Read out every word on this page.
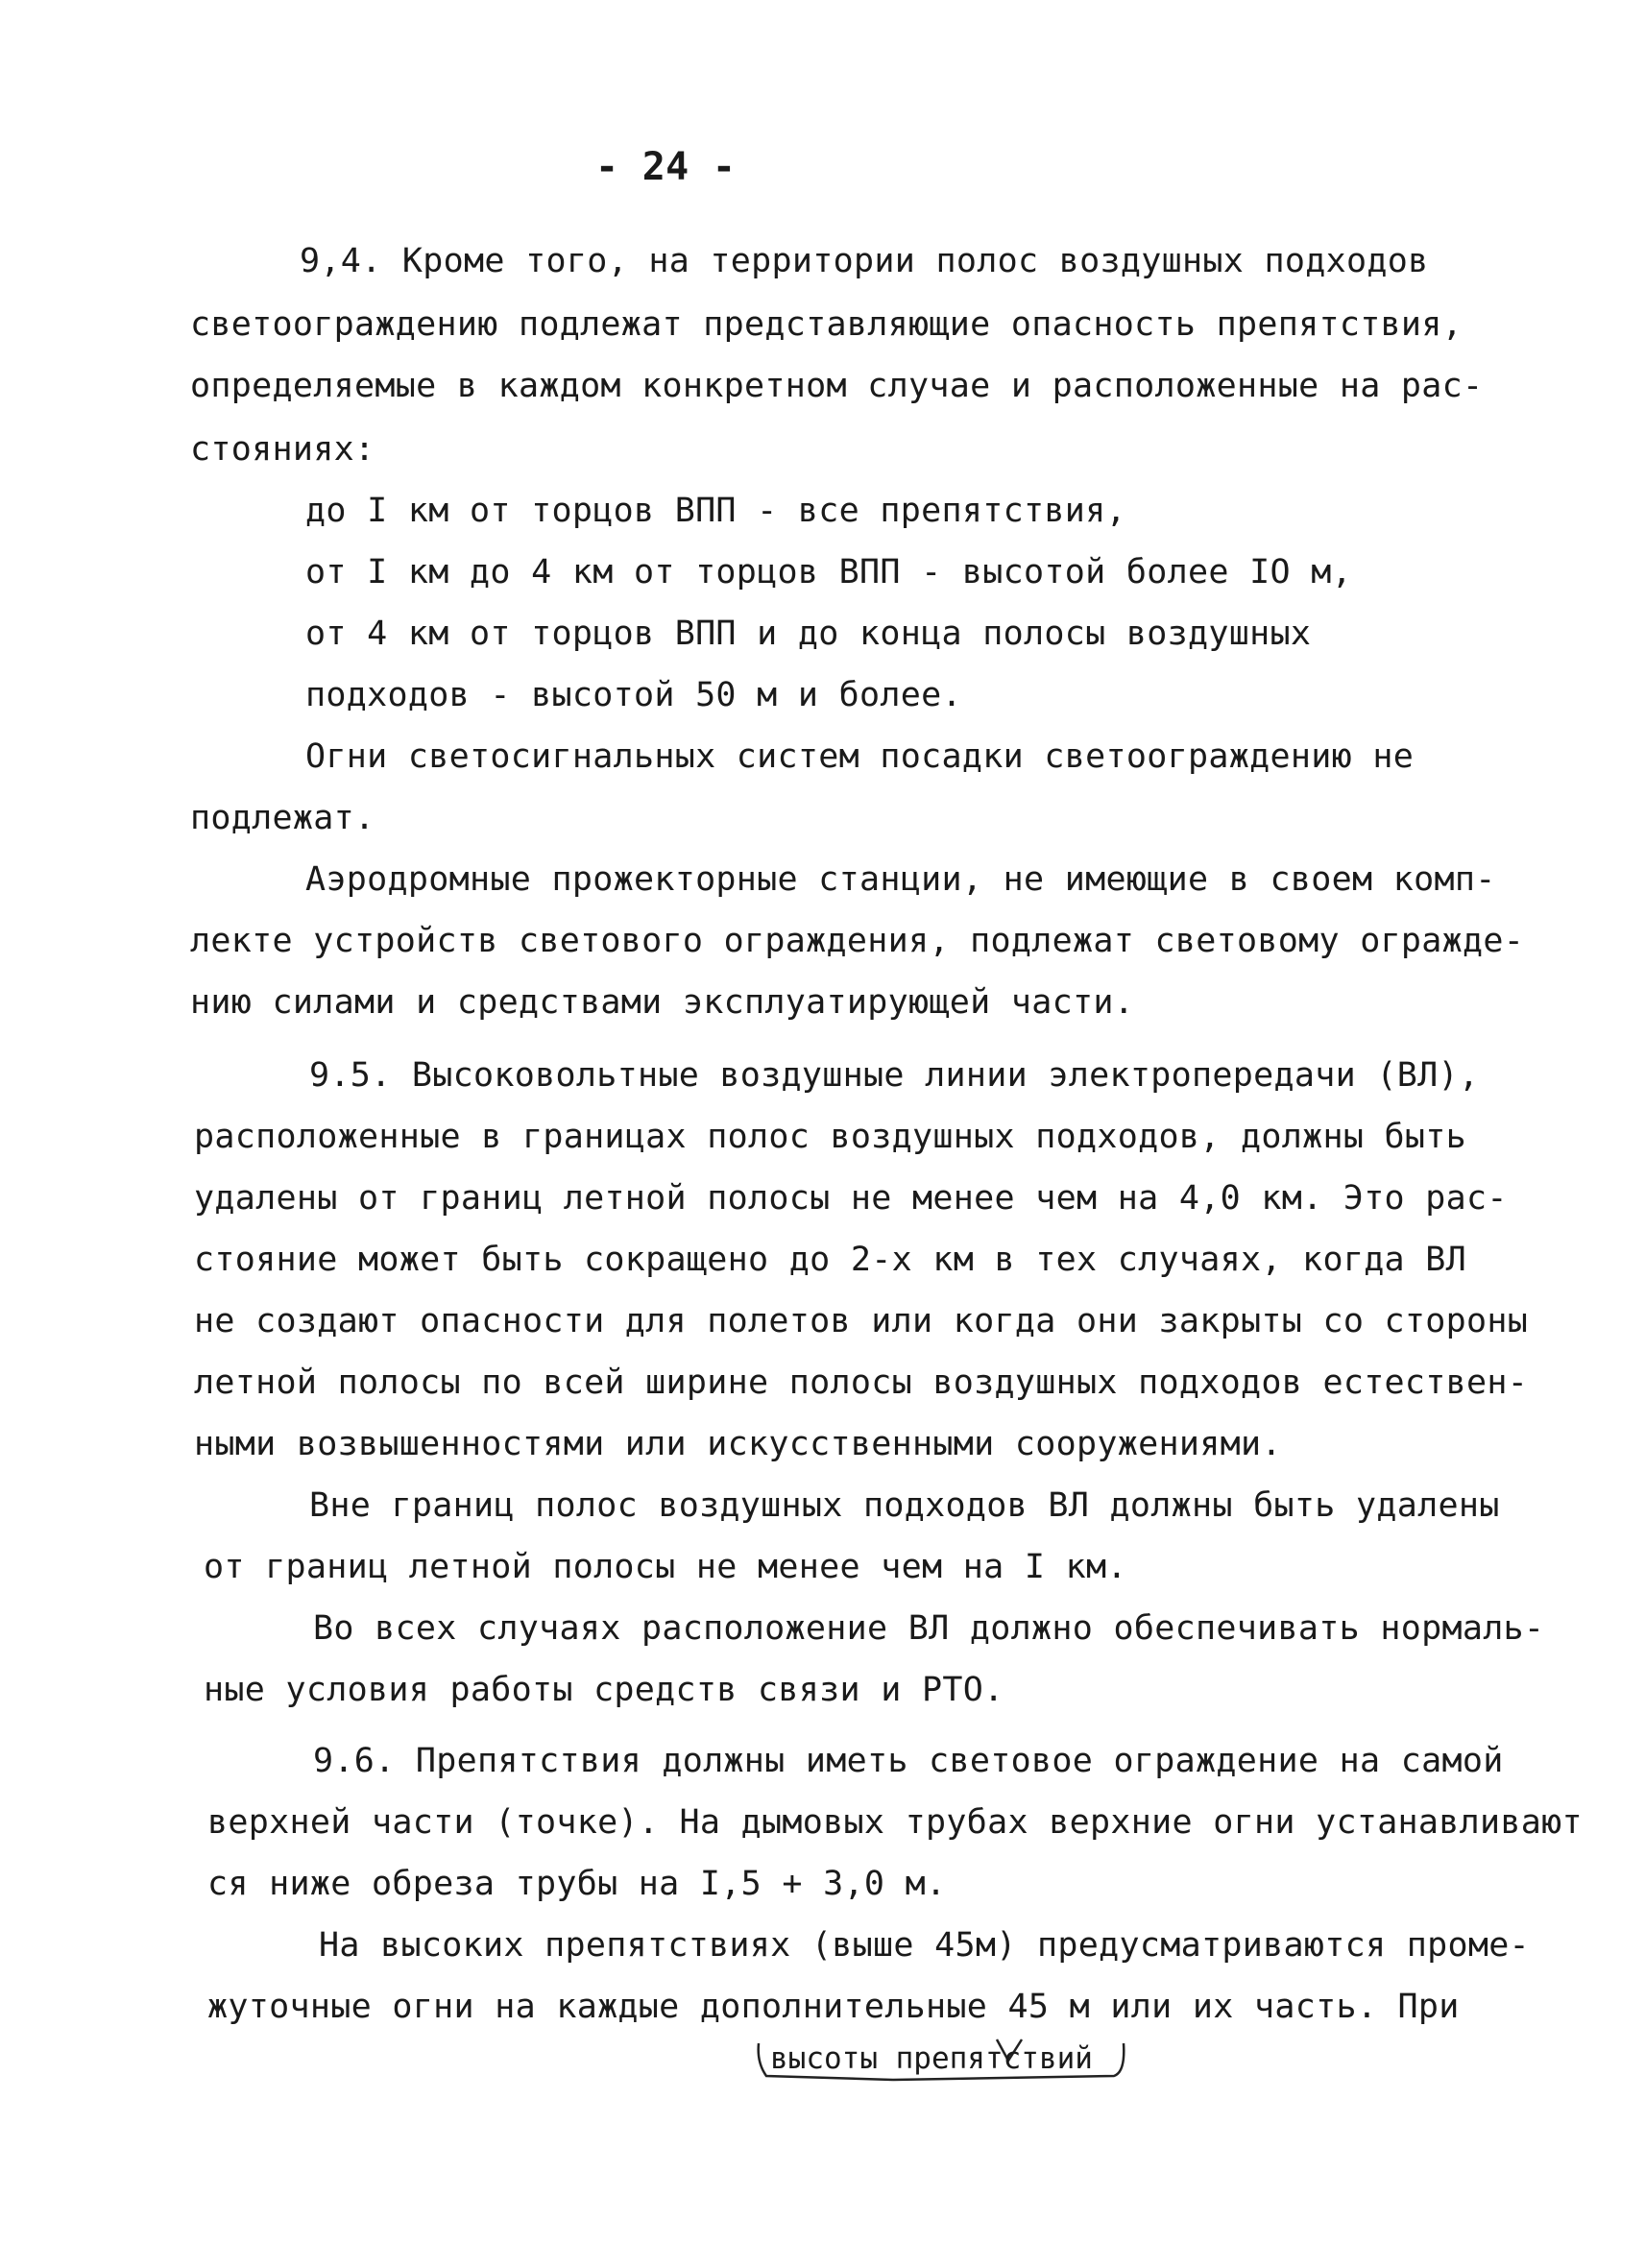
- 24 -
9,4. Кроме того, на территории полос воздушных подходов
светоограждению подлежат представляющие опасность препятствия,
определяемые в каждом конкретном случае и расположенные на рас-
стояниях:
до I км от торцов ВПП - все препятствия,
от I км до 4 км от торцов ВПП - высотой более IO м,
от 4 км от торцов ВПП и до конца полосы воздушных
подходов - высотой 50 м и более.
Огни светосигнальных систем посадки светоограждению не
подлежат.
Аэродромные прожекторные станции, не имеющие в своем комп-
лекте устройств светового ограждения, подлежат световому огражде-
нию силами и средствами эксплуатирующей части.
9.5. Высоковольтные воздушные линии электропередачи (ВЛ),
расположенные в границах полос воздушных подходов, должны быть
удалены от границ летной полосы не менее чем на 4,0 км. Это рас-
стояние может быть сокращено до 2-х км в тех случаях, когда ВЛ
не создают опасности для полетов или когда они закрыты со стороны
летной полосы по всей ширине полосы воздушных подходов естествен-
ными возвышенностями или искусственными сооружениями.
Вне границ полос воздушных подходов ВЛ должны быть удалены
от границ летной полосы не менее чем на I км.
Во всех случаях расположение ВЛ должно обеспечивать нормаль-
ные условия работы средств связи и РТО.
9.6. Препятствия должны иметь световое ограждение на самой
верхней части (точке). На дымовых трубах верхние огни устанавливают
ся ниже обреза трубы на I,5 + 3,0 м.
На высоких препятствиях (выше 45м) предусматриваются проме-
жуточные огни на каждые дополнительные 45 м или их часть. При
высоты препятствий
